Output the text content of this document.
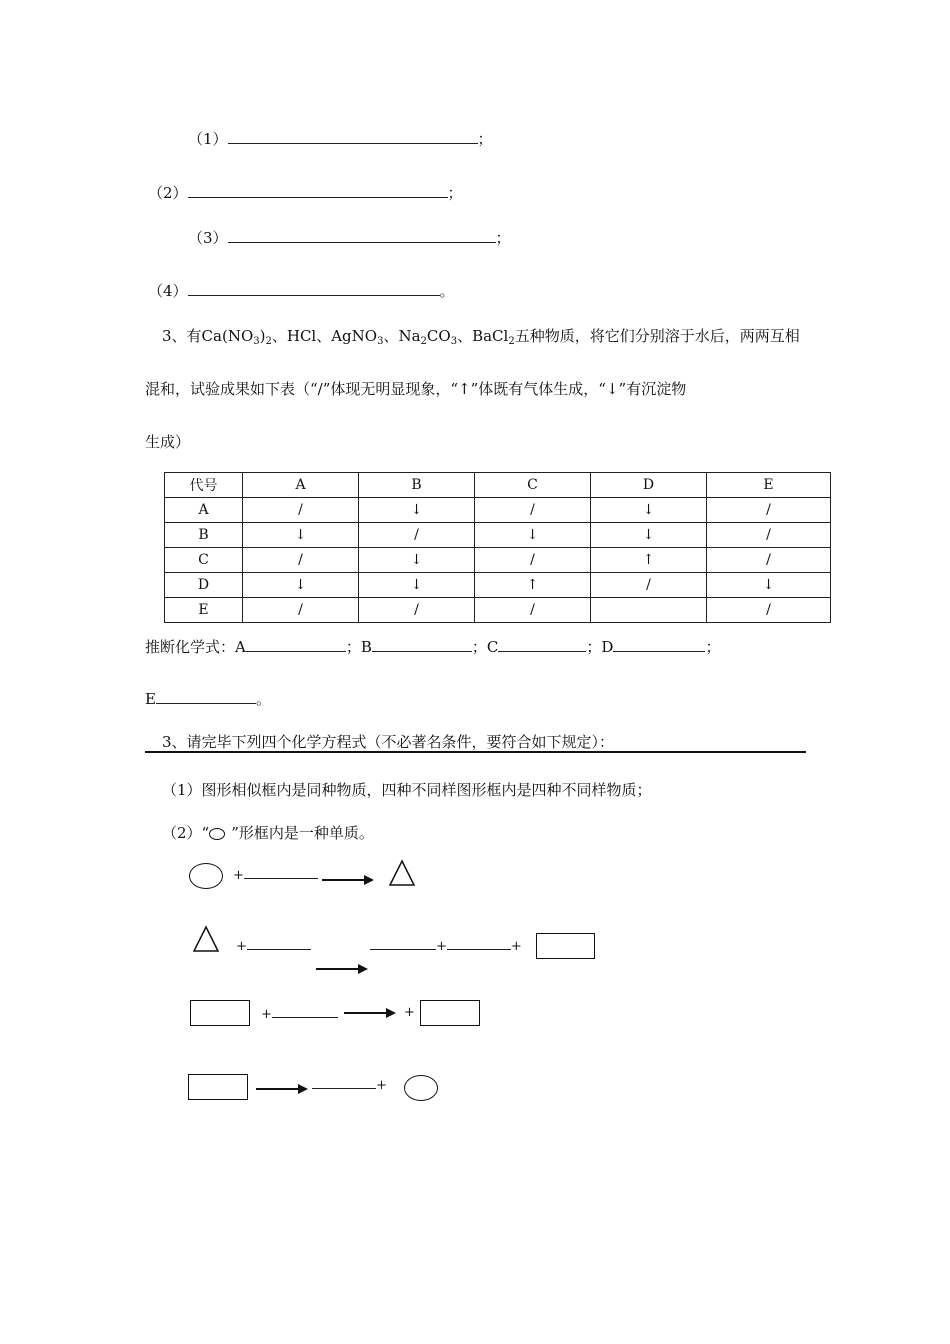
（1）	；
（2）	；
（3）	；
（4）	。
3、有$Ca(NO_3)_2$、HCl、AgNO$_3$、$Na_2CO_3$、BaCl$_2$五种物质，将它们分别溶于水后，两两互相
混和，试验成果如下表（“/”体现无明显现象，“↑”体既有气体生成，“↓”有沉淀物
生成）
代号	A	B	C	D	E
A	/	↓	/	↓	/
B	↓	/	↓	↓	/
C	/	↓	/	↑	/
D	↓	↓	↑	/	↓
E	/	/	/		/
推断化学式：A	；B	；C	；D	；
E	。
3、请完毕下列四个化学方程式（不必著名条件，要符合如下规定）：
（1）图形相似框内是同种物质，四种不同样图形框内是四种不同样物质；
（2）“ ”形框内是一种单质。
+
+	+	+
+	+
+
